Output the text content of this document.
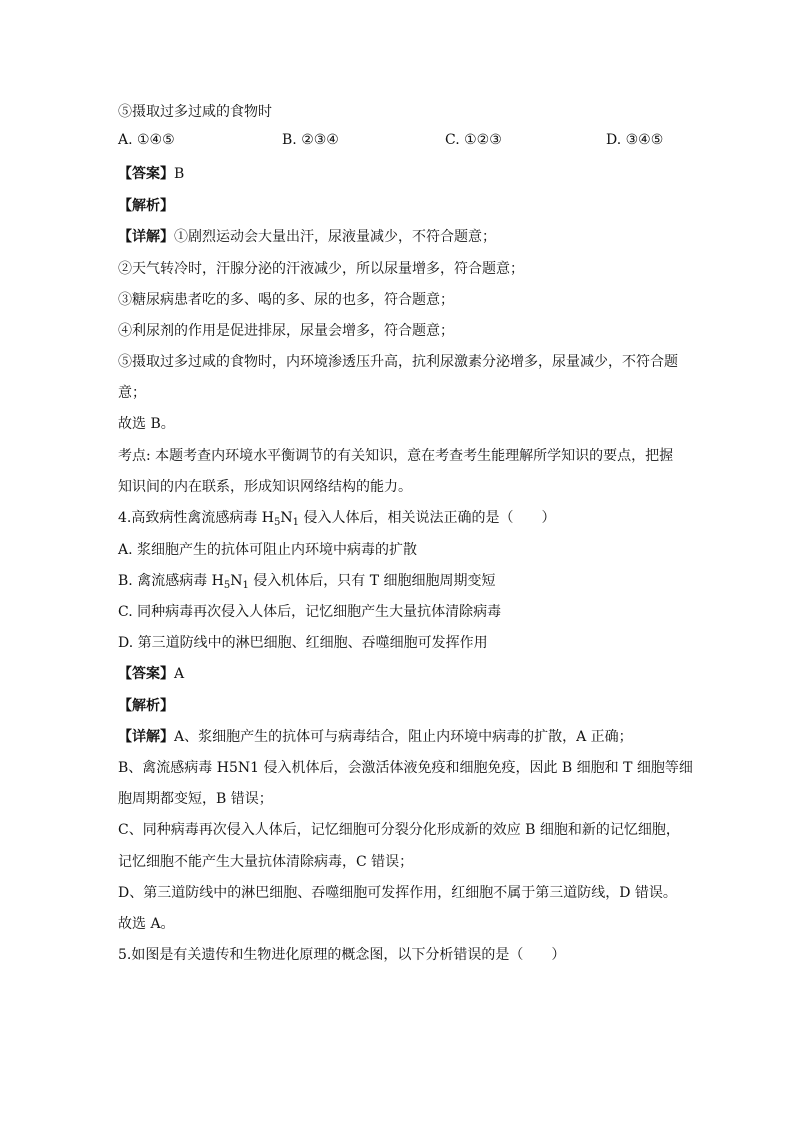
⑤摄取过多过咸的食物时
A. ①④⑤	B. ②③④	C. ①②③	D. ③④⑤
【答案】B
【解析】
【详解】①剧烈运动会大量出汗，尿液量减少，不符合题意；
②天气转冷时，汗腺分泌的汗液减少，所以尿量增多，符合题意；
③糖尿病患者吃的多、喝的多、尿的也多，符合题意；
④利尿剂的作用是促进排尿，尿量会增多，符合题意；
⑤摄取过多过咸的食物时，内环境渗透压升高，抗利尿激素分泌增多，尿量减少，不符合题
意；
故选 B。
考点: 本题考查内环境水平衡调节的有关知识，意在考查考生能理解所学知识的要点，把握
知识间的内在联系，形成知识网络结构的能力。
4.高致病性禽流感病毒 $H_5N_1$ 侵入人体后，相关说法正确的是（　　）
A. 浆细胞产生的抗体可阻止内环境中病毒的扩散
B. 禽流感病毒 $H_5N_1$ 侵入机体后，只有 T 细胞细胞周期变短
C. 同种病毒再次侵入人体后，记忆细胞产生大量抗体清除病毒
D. 第三道防线中的淋巴细胞、红细胞、吞噬细胞可发挥作用
【答案】A
【解析】
【详解】A、浆细胞产生的抗体可与病毒结合，阻止内环境中病毒的扩散，A 正确；
B、禽流感病毒 H5N1 侵入机体后，会激活体液免疫和细胞免疫，因此 B 细胞和 T 细胞等细
胞周期都变短，B 错误；
C、同种病毒再次侵入人体后，记忆细胞可分裂分化形成新的效应 B 细胞和新的记忆细胞，
记忆细胞不能产生大量抗体清除病毒，C 错误；
D、第三道防线中的淋巴细胞、吞噬细胞可发挥作用，红细胞不属于第三道防线，D 错误。
故选 A。
5.如图是有关遗传和生物进化原理的概念图，以下分析错误的是（　　）
